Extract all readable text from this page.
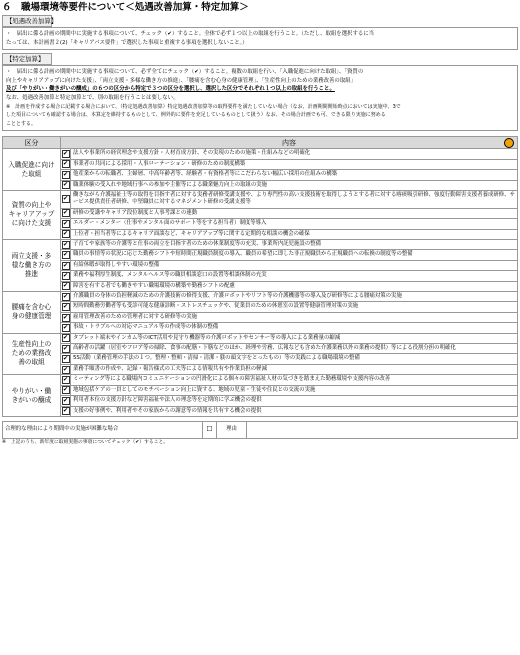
６　職場環境等要件について＜処遇改善加算・特定加算＞
【処遇改善加算】
・　届出に係る計画の期間中に実施する事項について、チェック（✔）すること。全体で必ず１つ以上の取組を行うこと。（ただし、取組を選択するに当
たっては、本計画書２(2)「キャリアパス要件」で選択した事項と重複する事項を選択しないこと。）
【特定加算】
・　届出に係る計画の期間中に実施する事項について、必ず全てにチェック（✔）すること。複数の取組を行い、「入職促進に向けた取組」、「資質の
向上やキャリアアップに向けた支援」、「両立支援・多様な働き方の推進」、「腰痛を含む心身の健康管理」、「生産性向上のための業務改善の取組」
及び「やりがい・働きがいの醸成」の６つの区分から特定で３つの区分を選択し、選択した区分でそれぞれ１つ以上の取組を行うこと。
なお、処遇改善加算と特定加算とで、別の取組を行うことは要しない。
※　計画を作成する場合に記載する場合において、（特定処遇改善加算）特定処遇改善加算等の取得要件を満たしていない場合（なお、計画期間開始時点においては実施中、3で
した項目についても確認する場合は、本算定を維持するものとして、例外的に要件を充足しているものとして扱う）なお、その場合計画でも可、できる限り実施に努める
こととする。
区分	内容	

入職促進に向け
た取組	✔	法人や事業所の経営理念や支援方針・人材育成方針、その実現のための施策・仕組みなどの明確化
	✔	事業者の共同による採用・人事ローテーション・研修のための制度構築
	✔	他産業からの転職者、主婦層、中高年齢者等、経験者・有資格者等にこだわらない幅広い採用の仕組みの構築
	✔	職業体験の受入れや地域行事への参加や主催等による職業魅力向上の取組の実施
資質の向上や
キャリアアップ
に向けた支援	✔	働きながら介護福祉士等の取得を目指す者に対する実務者研修受講支援や、より専門性の高い支援技術を取得しようとする者に対する喀痰吸引研修、強度行動障害支援者養成研修、サービス提供責任者研修、中堅職員に対するマネジメント研修の受講支援等
	✔	研修の受講やキャリア段位制度と人事考課との連動
	✔	エルダー・メンター（仕事やメンタル面のサポート等をする担当者）制度等導入
	✔	上位者・担当者等によるキャリア面談など、キャリアアップ等に関する定期的な相談の機会の確保
両立支援・多
様な働き方の
推進	✔	子育てや家族等の介護等と仕事の両立を目指す者のための休業制度等の充実、事業所内託児施設の整備
	✔	職員の事情等の状況に応じた勤務シフトや短時間正規職員制度の導入、職員の希望に即した非正規職員から正規職員への転換の制度等の整備
	✔	有給休暇が取得しやすい環境の整備
	✔	業務や福利厚生制度、メンタルヘルス等の職員相談窓口の設置等相談体制の充実
	✔	障害を有する者でも働きやすい職場環境の構築や勤務シフトの配慮
腰痛を含む心
身の健康管理	✔	介護職員の身体の負担軽減のための介護技術の修得支援、介護ロボットやリフト等の介護機器等の導入及び研修等による腰痛対策の実施
	✔	短時間勤務労働者等も受診可能な健康診断・ストレスチェックや、従業員のための休憩室の設置等健康管理対策の実施
	✔	雇用管理改善のための管理者に対する研修等の実施
	✔	事故・トラブルへの対応マニュアル等の作成等の体制の整備
生産性向上の
ための業務改
善の取組	✔	タブレット端末やインカム等のICT活用や見守り機器等の介護ロボットやセンサー等の導入による業務量の縮減
	✔	高齢者の活躍（居室やフロア等の掃除、食事の配膳・下膳などのほか、経理や労務、広報なども含めた介護業務以外の業務の提供）等による役割分担の明確化
	✔	5S活動（業務管理の手法の１つ。整理・整頓・清掃・清潔・躾の頭文字をとったもの）等の実践による職場環境の整備
	✔	業務手順書の作成や、記録・報告様式の工夫等による情報共有や作業負担の軽減
やりがい・働
きがいの醸成	✔	ミーティング等による職場内コミュニケーションの円滑化による個々の障害福祉人材の気づきを踏まえた勤務環境や支援内容の改善
	✔	地域包括ケアの一員としてのモチベーション向上に資する、地域の児童・生徒や住民との交流の実施
	✔	利用者本位の支援方針など障害福祉や法人の理念等を定期的に学ぶ機会の提供
	✔	支援の好事例や、利用者やその家族からの謝意等の情報を共有する機会の提供
合理的な理由により期間中の実施が困難な場合	☐	理由	
※　上記のうち、新年度に取組実施の事項についてチェック（✔）すること。
